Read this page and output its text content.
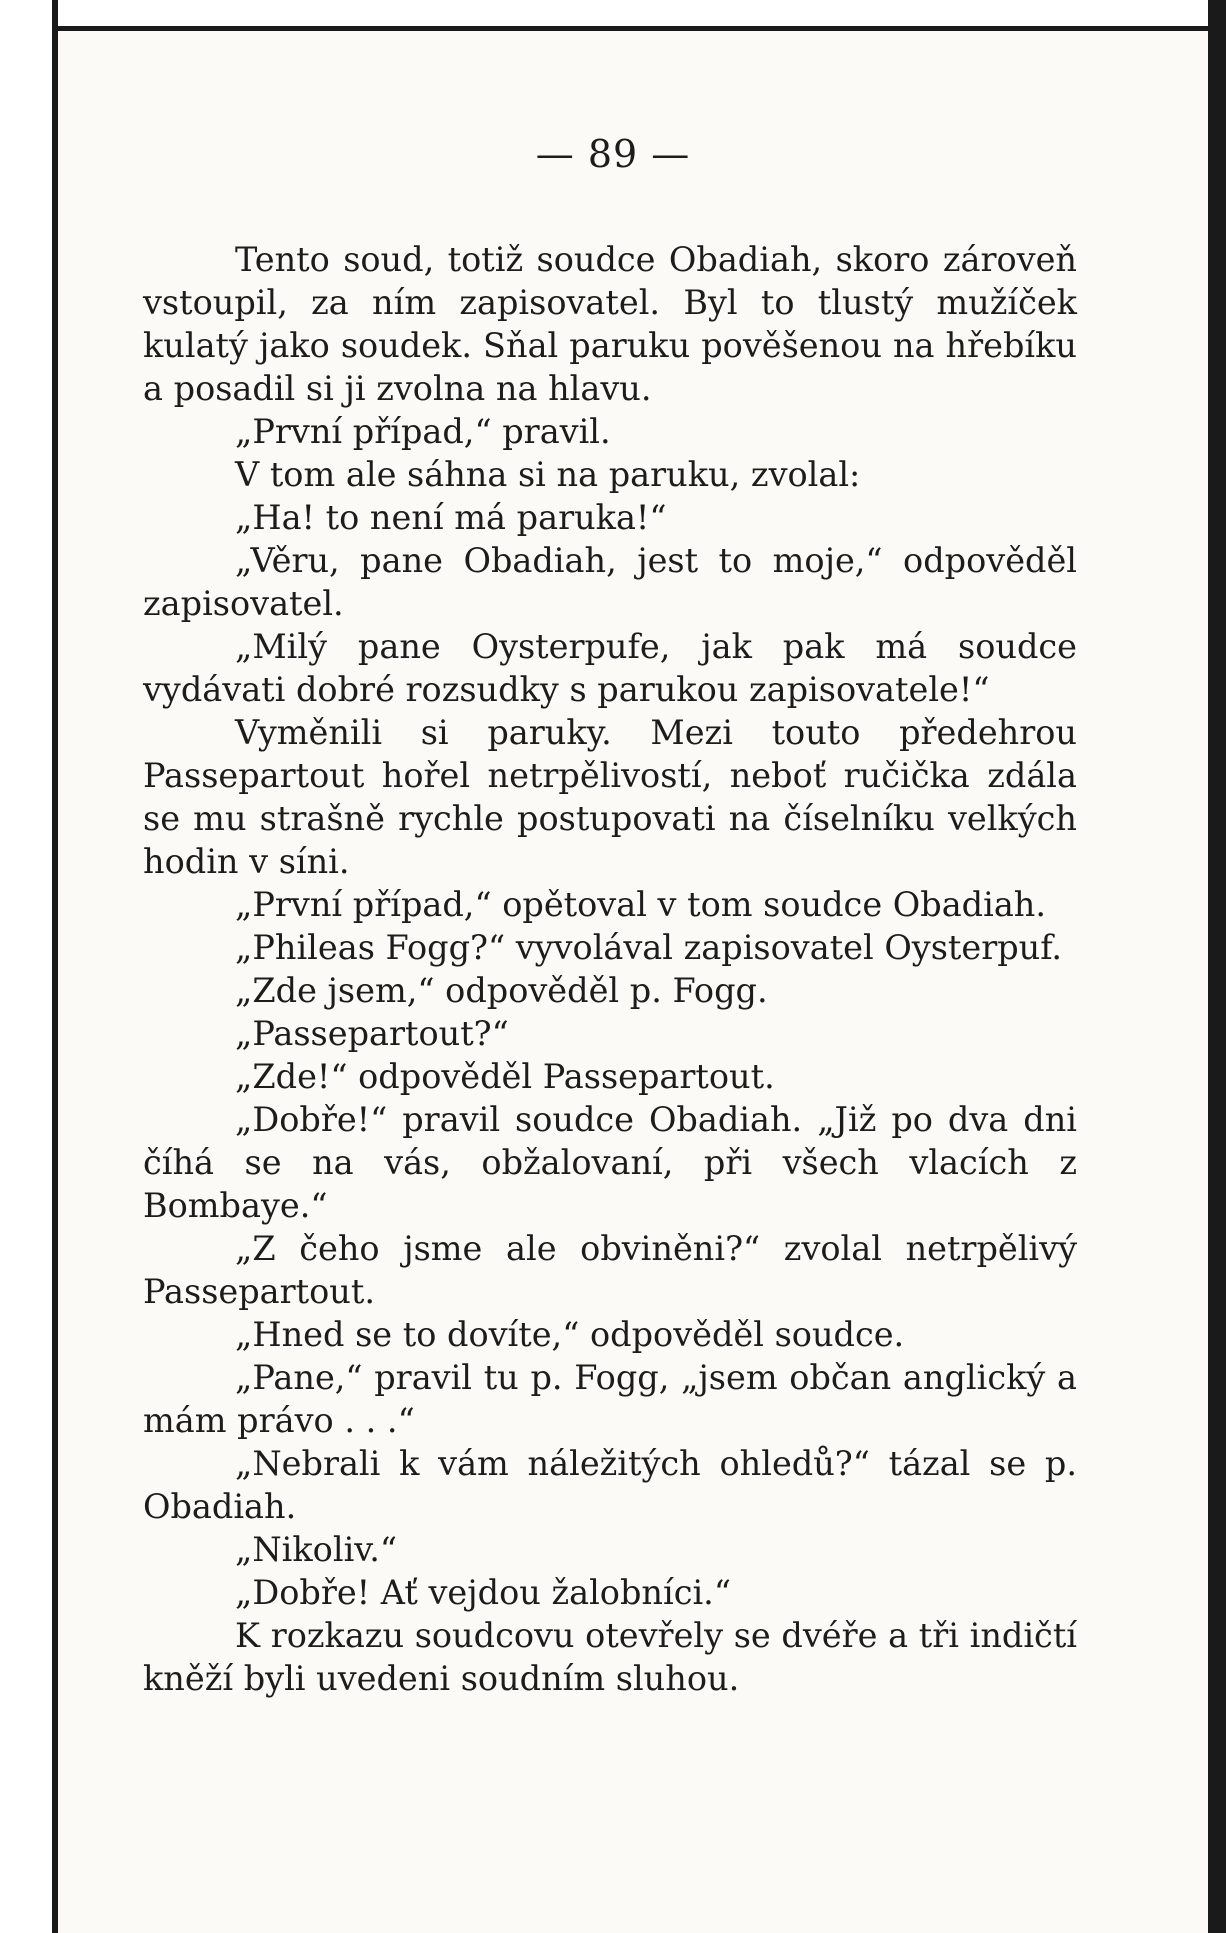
— 89 —

Tento soud, totiž soudce Obadiah, skoro zároveň vstoupil, za ním zapisovatel. Byl to tlustý mužíček kulatý jako soudek. Sňal paruku pověšenou na hřebíku a posadil si ji zvolna na hlavu.

„První případ,“ pravil.

V tom ale sáhna si na paruku, zvolal:

„Ha! to není má paruka!“

„Věru, pane Obadiah, jest to moje,“ odpověděl zapisovatel.

„Milý pane Oysterpufe, jak pak má soudce vydávati dobré rozsudky s parukou zapisovatele!“

Vyměnili si paruky. Mezi touto předehrou Passepartout hořel netrpělivostí, neboť ručička zdála se mu strašně rychle postupovati na číselníku velkých hodin v síni.

„První případ,“ opětoval v tom soudce Obadiah.

„Phileas Fogg?“ vyvolával zapisovatel Oysterpuf.

„Zde jsem,“ odpověděl p. Fogg.

„Passepartout?“

„Zde!“ odpověděl Passepartout.

„Dobře!“ pravil soudce Obadiah. „Již po dva dni číhá se na vás, obžalovaní, při všech vlacích z Bombaye.“

„Z čeho jsme ale obviněni?“ zvolal netrpělivý Passepartout.

„Hned se to dovíte,“ odpověděl soudce.

„Pane,“ pravil tu p. Fogg, „jsem občan anglický a mám právo . . .“

„Nebrali k vám náležitých ohledů?“ tázal se p. Obadiah.

„Nikoliv.“

„Dobře! Ať vejdou žalobníci.“

K rozkazu soudcovu otevřely se dvéře a tři indičtí kněží byli uvedeni soudním sluhou.
